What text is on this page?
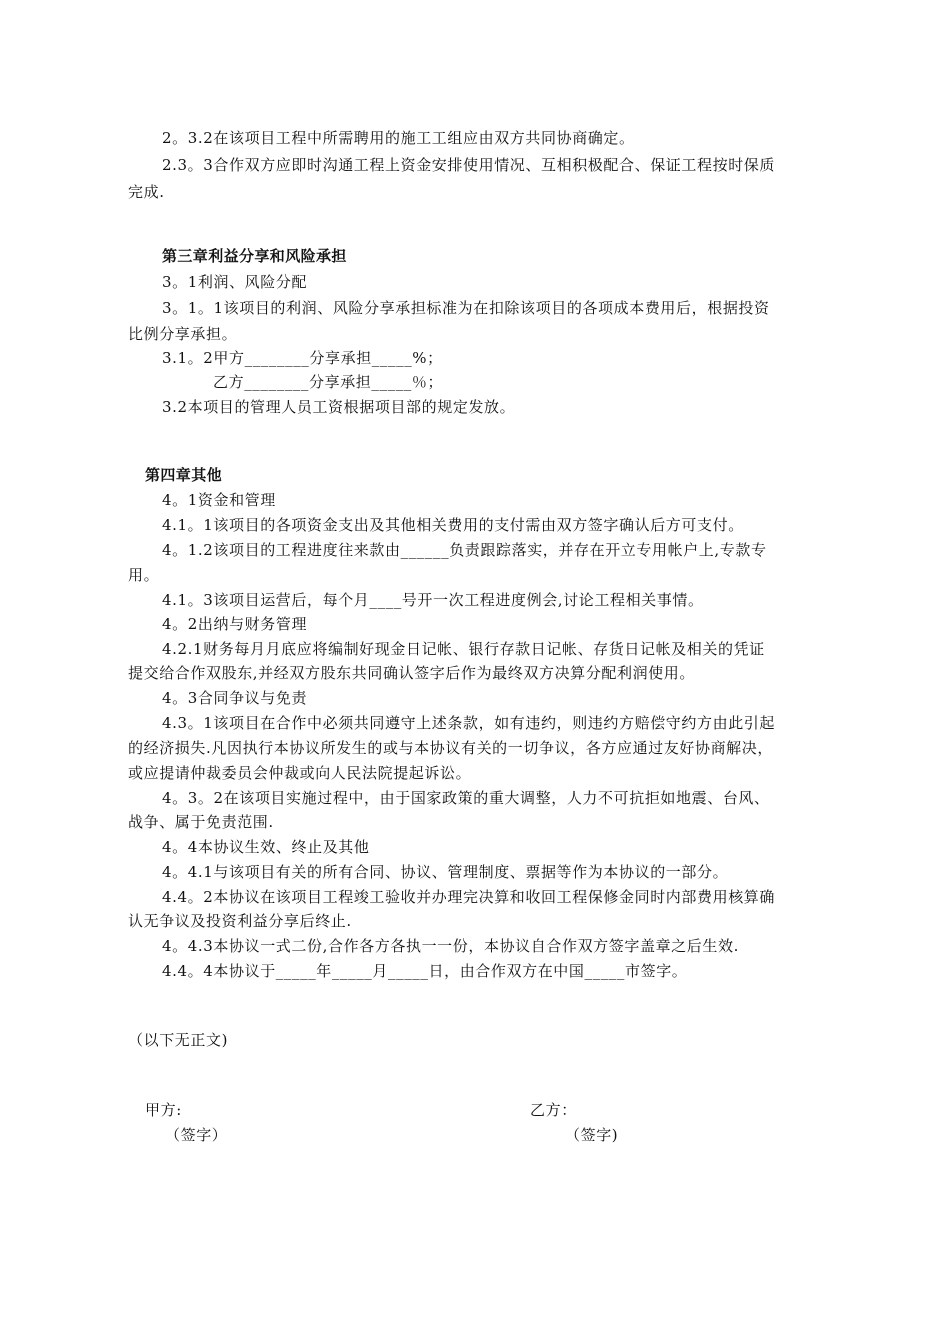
2。3.2在该项目工程中所需聘用的施工工组应由双方共同协商确定。
2.3。3合作双方应即时沟通工程上资金安排使用情况、互相积极配合、保证工程按时保质
完成.
第三章利益分享和风险承担
3。1利润、风险分配
3。1。1该项目的利润、风险分享承担标准为在扣除该项目的各项成本费用后，根据投资
比例分享承担。
3.1。2甲方________分享承担_____%；
乙方________分享承担_____％；
3.2本项目的管理人员工资根据项目部的规定发放。
第四章其他
4。1资金和管理
4.1。1该项目的各项资金支出及其他相关费用的支付需由双方签字确认后方可支付。
4。1.2该项目的工程进度往来款由______负责跟踪落实，并存在开立专用帐户上,专款专
用。
4.1。3该项目运营后，每个月____号开一次工程进度例会,讨论工程相关事情。
4。2出纳与财务管理
4.2.1财务每月月底应将编制好现金日记帐、银行存款日记帐、存货日记帐及相关的凭证
提交给合作双股东,并经双方股东共同确认签字后作为最终双方决算分配利润使用。
4。3合同争议与免责
4.3。1该项目在合作中必须共同遵守上述条款，如有违约，则违约方赔偿守约方由此引起
的经济损失.凡因执行本协议所发生的或与本协议有关的一切争议，各方应通过友好协商解决，
或应提请仲裁委员会仲裁或向人民法院提起诉讼。
4。3。2在该项目实施过程中，由于国家政策的重大调整，人力不可抗拒如地震、台风、
战争、属于免责范围.
4。4本协议生效、终止及其他
4。4.1与该项目有关的所有合同、协议、管理制度、票据等作为本协议的一部分。
4.4。2本协议在该项目工程竣工验收并办理完决算和收回工程保修金同时内部费用核算确
认无争议及投资利益分享后终止.
4。4.3本协议一式二份,合作各方各执一一份，本协议自合作双方签字盖章之后生效.
4.4。4本协议于_____年_____月_____日，由合作双方在中国_____市签字。
（以下无正文)
甲方:
（签字）
乙方：
（签字)
